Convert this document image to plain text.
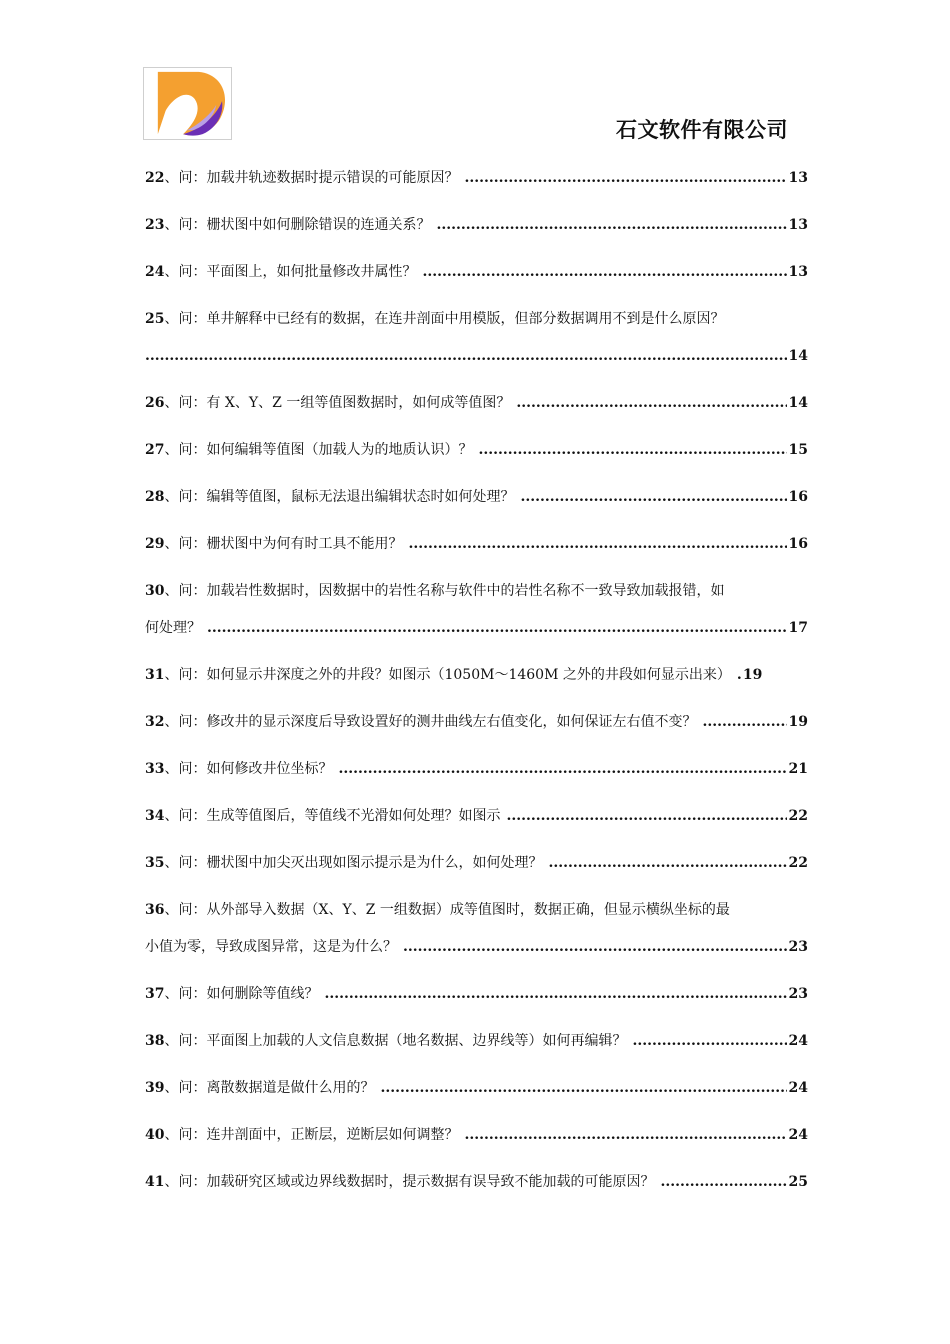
石文软件有限公司
22 、问：加载井轨迹数据时提示错误的可能原因？ .....	13
23 、问：栅状图中如何删除错误的连通关系？ .....	13
24 、问：平面图上，如何批量修改井属性？ .....	13
25、问：单井解释中已经有的数据，在连井剖面中用模版，但部分数据调用不到是什么原因？
.....
14
26 、问：有 X、Y、Z 一组等值图数据时，如何成等值图？ .....	14
27 、问：如何编辑等值图（加载人为的地质认识）？ .....	15
28 、问：编辑等值图，鼠标无法退出编辑状态时如何处理？ .....	16
29 、问：栅状图中为何有时工具不能用？ .....	16
30、问：加载岩性数据时，因数据中的岩性名称与软件中的岩性名称不一致导致加载报错，如
何处理？ .....	17
31 、问：如何显示井深度之外的井段？如图示（1050M～1460M 之外的井段如何显示出来） ..... 19
32 、问：修改井的显示深度后导致设置好的测井曲线左右值变化，如何保证左右值不变？ .....	19
33 、问：如何修改井位坐标？ .....	21
34 、问：生成等值图后，等值线不光滑如何处理？如图示 .....	22
35 、问：栅状图中加尖灭出现如图示提示是为什么，如何处理？ .....	22
36、问：从外部导入数据（X、Y、Z 一组数据）成等值图时，数据正确，但显示横纵坐标的最
小值为零，导致成图异常，这是为什么？ .....	23
37 、问：如何删除等值线？ .....	23
38 、问：平面图上加载的人文信息数据（地名数据、边界线等）如何再编辑？ .....	24
39 、问：离散数据道是做什么用的？ .....	24
40 、问：连井剖面中，正断层，逆断层如何调整？ .....	24
41 、问：加载研究区域或边界线数据时，提示数据有误导致不能加载的可能原因？ .....	25
